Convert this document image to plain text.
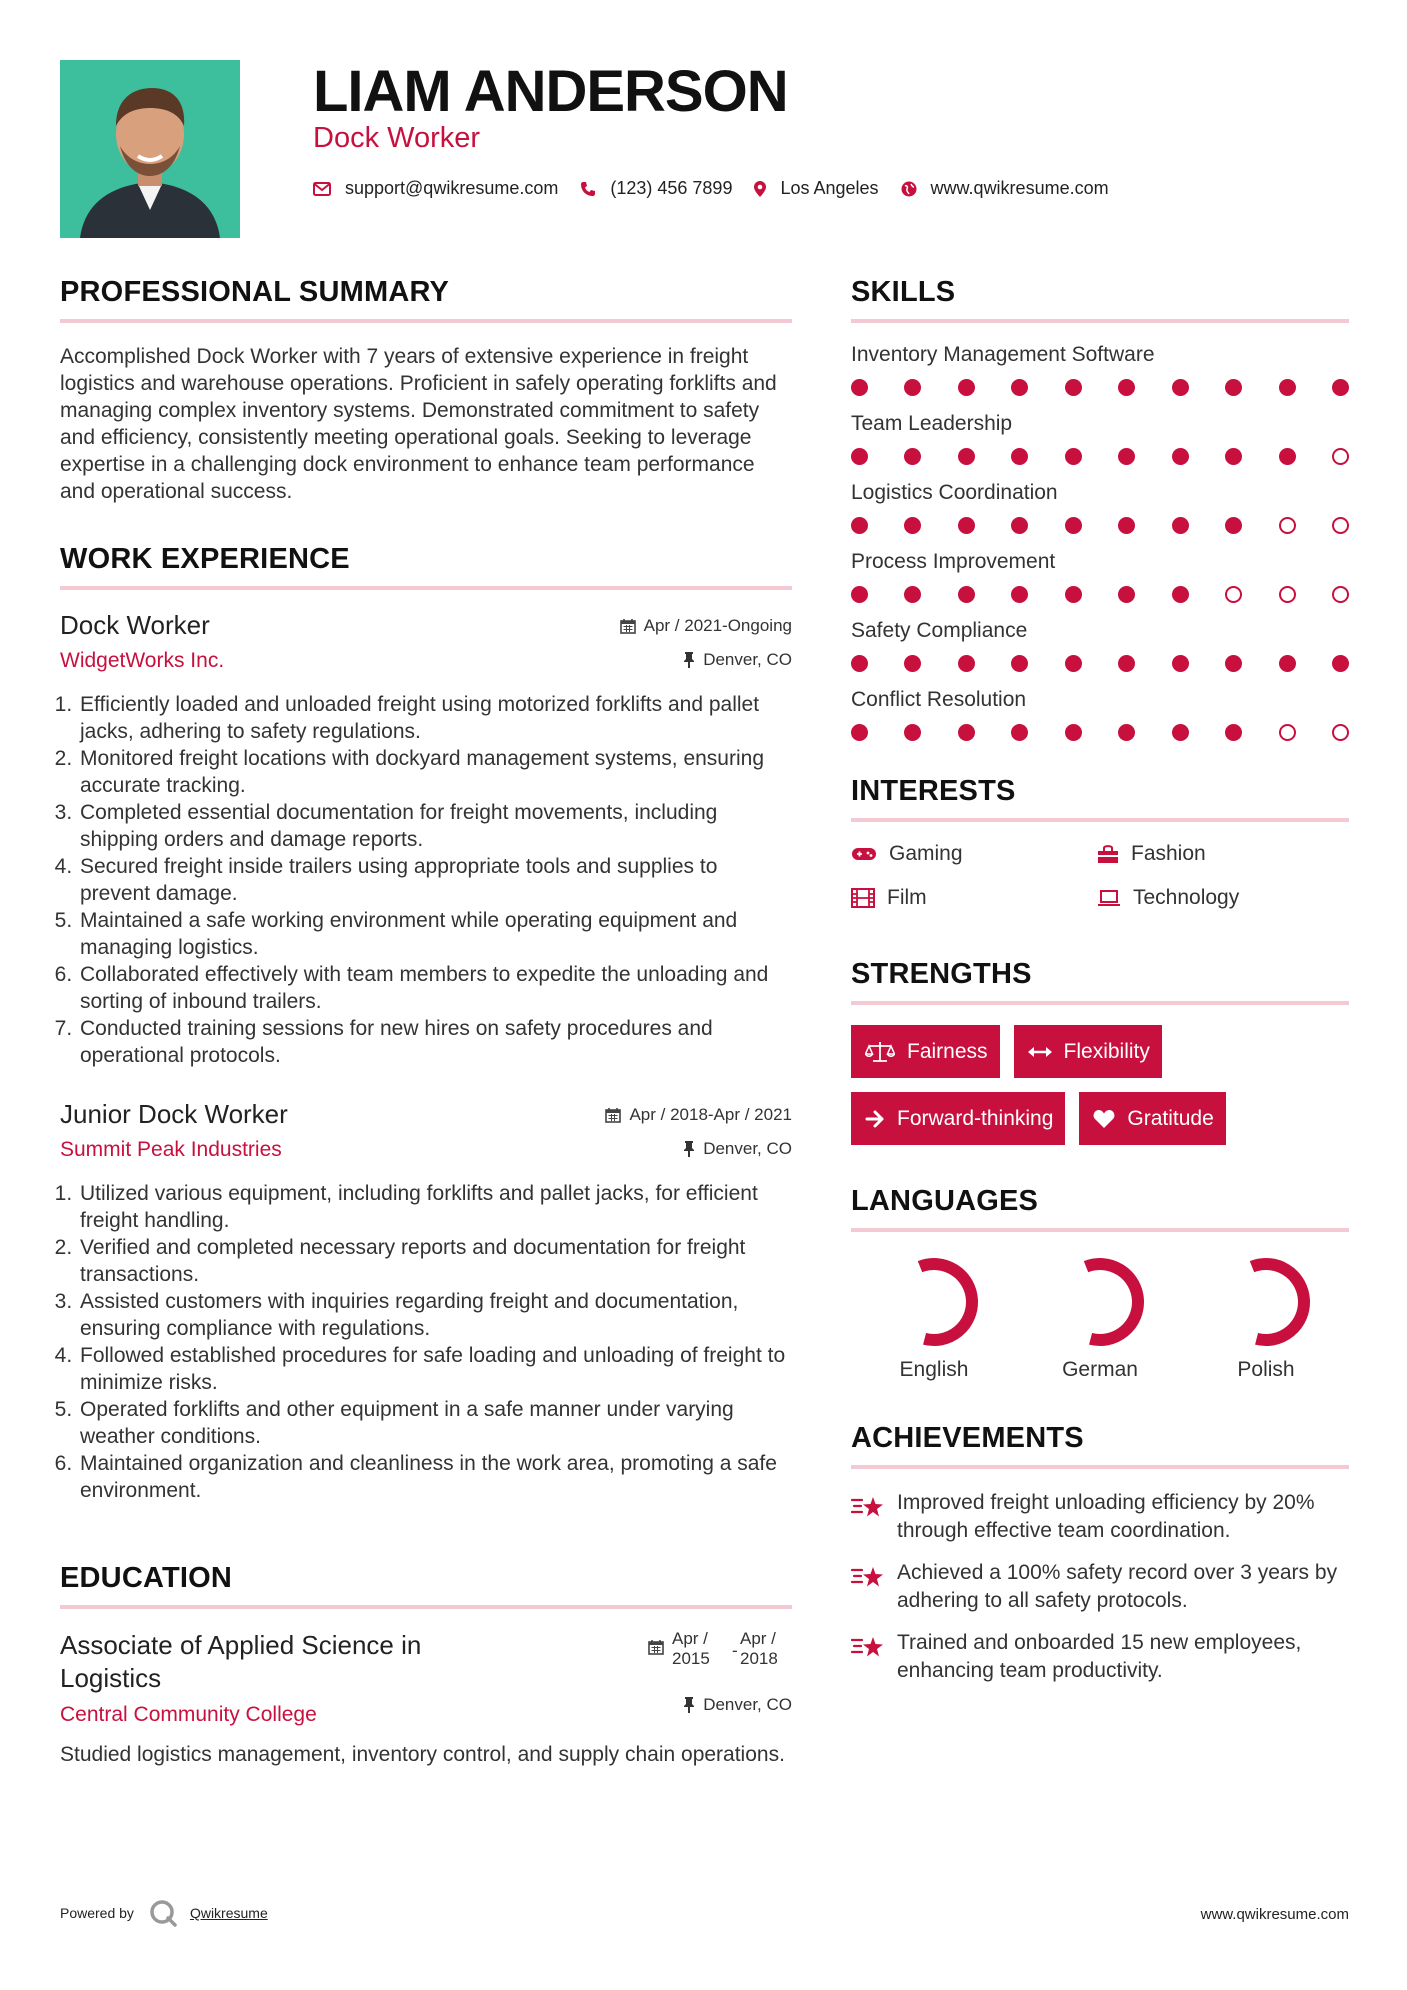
LIAM ANDERSON
Dock Worker
support@qwikresume.com	(123) 456 7899	Los Angeles	www.qwikresume.com
PROFESSIONAL SUMMARY

Accomplished Dock Worker with 7 years of extensive experience in freight logistics and warehouse operations. Proficient in safely operating forklifts and managing complex inventory systems. Demonstrated commitment to safety and efficiency, consistently meeting operational goals. Seeking to leverage expertise in a challenging dock environment to enhance team performance and operational success.

WORK EXPERIENCE
Dock Worker
WidgetWorks Inc.
Apr / 2021-Ongoing
Denver, CO
1. Efficiently loaded and unloaded freight using motorized forklifts and pallet jacks, adhering to safety regulations.
2. Monitored freight locations with dockyard management systems, ensuring accurate tracking.
3. Completed essential documentation for freight movements, including shipping orders and damage reports.
4. Secured freight inside trailers using appropriate tools and supplies to prevent damage.
5. Maintained a safe working environment while operating equipment and managing logistics.
6. Collaborated effectively with team members to expedite the unloading and sorting of inbound trailers.
7. Conducted training sessions for new hires on safety procedures and operational protocols.
Junior Dock Worker
Summit Peak Industries
Apr / 2018-Apr / 2021
Denver, CO
1. Utilized various equipment, including forklifts and pallet jacks, for efficient freight handling.
2. Verified and completed necessary reports and documentation for freight transactions.
3. Assisted customers with inquiries regarding freight and documentation, ensuring compliance with regulations.
4. Followed established procedures for safe loading and unloading of freight to minimize risks.
5. Operated forklifts and other equipment in a safe manner under varying weather conditions.
6. Maintained organization and cleanliness in the work area, promoting a safe environment.
EDUCATION
Associate of Applied Science in Logistics
Central Community College
Apr /
2015	-
Apr /
2018
Denver, CO

Studied logistics management, inventory control, and supply chain operations.

SKILLS
Inventory Management Software
Team Leadership
Logistics Coordination
Process Improvement
Safety Compliance
Conflict Resolution
INTERESTS
Gaming	Fashion
Film	Technology
STRENGTHS
Fairness	Flexibility
Forward-thinking	Gratitude
LANGUAGES
English	German	Polish
ACHIEVEMENTS
Improved freight unloading efficiency by 20% through effective team coordination.
Achieved a 100% safety record over 3 years by adhering to all safety protocols.
Trained and onboarded 15 new employees, enhancing team productivity.
Powered by	Qwikresume	www.qwikresume.com
